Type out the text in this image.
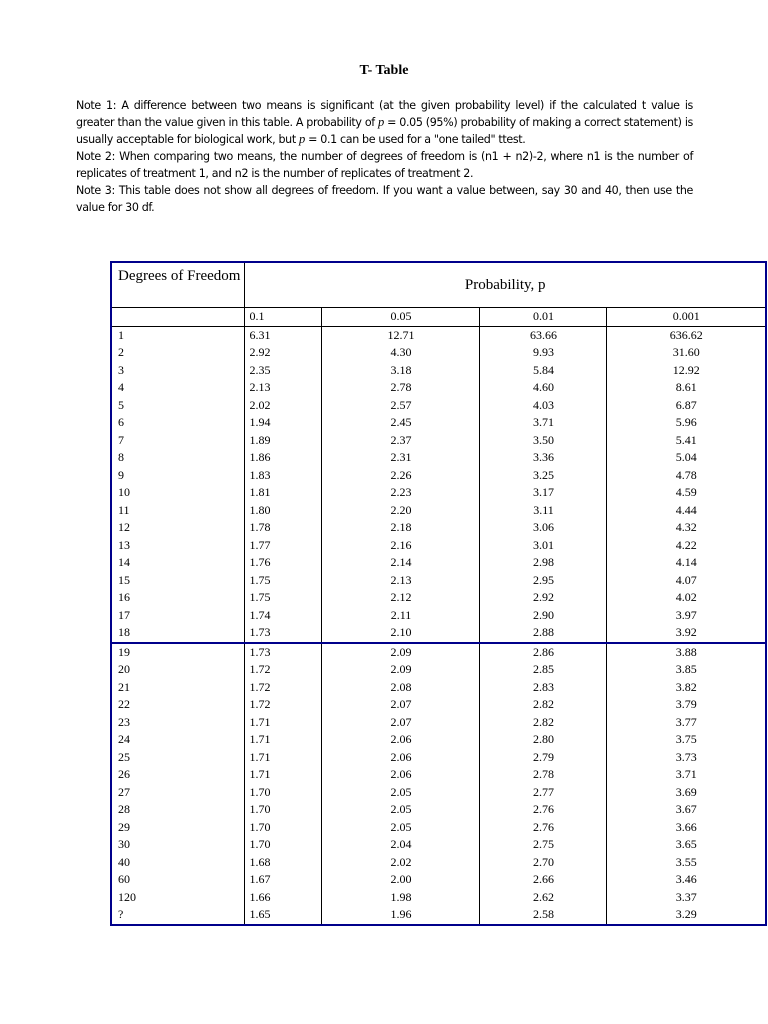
T- Table

Note 1: A difference between two means is significant (at the given probability level) if the calculated t value is greater than the value given in this table. A probability of p = 0.05 (95%) probability of making a correct statement) is usually acceptable for biological work, but p = 0.1 can be used for a "one tailed" ttest.

Note 2: When comparing two means, the number of degrees of freedom is (n1 + n2)-2, where n1 is the number of replicates of treatment 1, and n2 is the number of replicates of treatment 2.

Note 3: This table does not show all degrees of freedom. If you want a value between, say 30 and 40, then use the value for 30 df.

Degrees of Freedom	Probability, p			
	0.1	0.05	0.01	0.001
1	6.31	12.71	63.66	636.62
2	2.92	4.30	9.93	31.60
3	2.35	3.18	5.84	12.92
4	2.13	2.78	4.60	8.61
5	2.02	2.57	4.03	6.87
6	1.94	2.45	3.71	5.96
7	1.89	2.37	3.50	5.41
8	1.86	2.31	3.36	5.04
9	1.83	2.26	3.25	4.78
10	1.81	2.23	3.17	4.59
11	1.80	2.20	3.11	4.44
12	1.78	2.18	3.06	4.32
13	1.77	2.16	3.01	4.22
14	1.76	2.14	2.98	4.14
15	1.75	2.13	2.95	4.07
16	1.75	2.12	2.92	4.02
17	1.74	2.11	2.90	3.97
18	1.73	2.10	2.88	3.92
19	1.73	2.09	2.86	3.88
20	1.72	2.09	2.85	3.85
21	1.72	2.08	2.83	3.82
22	1.72	2.07	2.82	3.79
23	1.71	2.07	2.82	3.77
24	1.71	2.06	2.80	3.75
25	1.71	2.06	2.79	3.73
26	1.71	2.06	2.78	3.71
27	1.70	2.05	2.77	3.69
28	1.70	2.05	2.76	3.67
29	1.70	2.05	2.76	3.66
30	1.70	2.04	2.75	3.65
40	1.68	2.02	2.70	3.55
60	1.67	2.00	2.66	3.46
120	1.66	1.98	2.62	3.37
?	1.65	1.96	2.58	3.29
